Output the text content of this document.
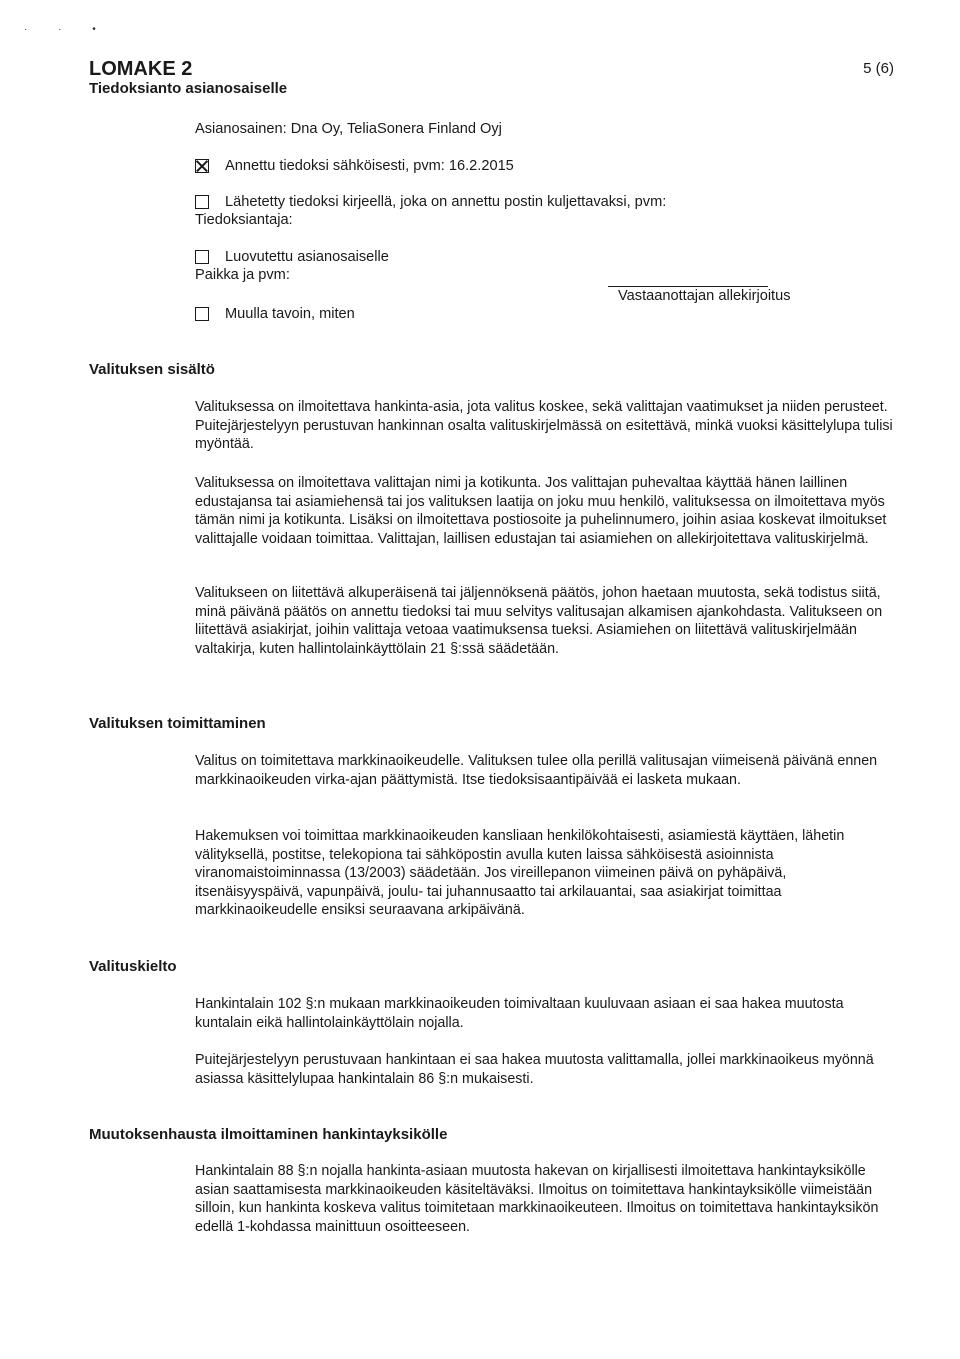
· · •
LOMAKE 2
Tiedoksianto asianosaiselle
5 (6)
Asianosainen: Dna Oy, TeliaSonera Finland Oyj
Annettu tiedoksi sähköisesti, pvm: 16.2.2015
Lähetetty tiedoksi kirjeellä, joka on annettu postin kuljettavaksi, pvm:
Tiedoksiantaja:
Luovutettu asianosaiselle
Paikka ja pvm:
Vastaanottajan allekirjoitus
Muulla tavoin, miten
Valituksen sisältö

Valituksessa on ilmoitettava hankinta-asia, jota valitus koskee, sekä valittajan vaatimukset ja niiden perusteet. Puitejärjestelyyn perustuvan hankinnan osalta valituskirjelmässä on esitettävä, minkä vuoksi käsittelylupa tulisi myöntää.

Valituksessa on ilmoitettava valittajan nimi ja kotikunta. Jos valittajan puhevaltaa käyttää hänen laillinen edustajansa tai asiamiehensä tai jos valituksen laatija on joku muu henkilö, valituksessa on ilmoitettava myös tämän nimi ja kotikunta. Lisäksi on ilmoitettava postiosoite ja puhelinnumero, joihin asiaa koskevat ilmoitukset valittajalle voidaan toimittaa. Valittajan, laillisen edustajan tai asiamiehen on allekirjoitettava valituskirjelmä.

Valitukseen on liitettävä alkuperäisenä tai jäljennöksenä päätös, johon haetaan muutosta, sekä todistus siitä, minä päivänä päätös on annettu tiedoksi tai muu selvitys valitusajan alkamisen ajankohdasta. Valitukseen on liitettävä asiakirjat, joihin valittaja vetoaa vaatimuksensa tueksi. Asiamiehen on liitettävä valituskirjelmään valtakirja, kuten hallintolainkäyttölain 21 §:ssä säädetään.

Valituksen toimittaminen

Valitus on toimitettava markkinaoikeudelle. Valituksen tulee olla perillä valitusajan viimeisenä päivänä ennen markkinaoikeuden virka-ajan päättymistä. Itse tiedoksisaantipäivää ei lasketa mukaan.

Hakemuksen voi toimittaa markkinaoikeuden kansliaan henkilökohtaisesti, asiamiestä käyttäen, lähetin välityksellä, postitse, telekopiona tai sähköpostin avulla kuten laissa sähköisestä asioinnista viranomaistoiminnassa (13/2003) säädetään. Jos vireillepanon viimeinen päivä on pyhäpäivä, itsenäisyyspäivä, vapunpäivä, joulu- tai juhannusaatto tai arkilauantai, saa asiakirjat toimittaa markkinaoikeudelle ensiksi seuraavana arkipäivänä.

Valituskielto

Hankintalain 102 §:n mukaan markkinaoikeuden toimivaltaan kuuluvaan asiaan ei saa hakea muutosta kuntalain eikä hallintolainkäyttölain nojalla.

Puitejärjestelyyn perustuvaan hankintaan ei saa hakea muutosta valittamalla, jollei markkinaoikeus myönnä asiassa käsittelylupaa hankintalain 86 §:n mukaisesti.

Muutoksenhausta ilmoittaminen hankintayksikölle

Hankintalain 88 §:n nojalla hankinta-asiaan muutosta hakevan on kirjallisesti ilmoitettava hankintayksikölle asian saattamisesta markkinaoikeuden käsiteltäväksi. Ilmoitus on toimitettava hankintayksikölle viimeistään silloin, kun hankinta koskeva valitus toimitetaan markkinaoikeuteen. Ilmoitus on toimitettava hankintayksikön edellä 1-kohdassa mainittuun osoitteeseen.
